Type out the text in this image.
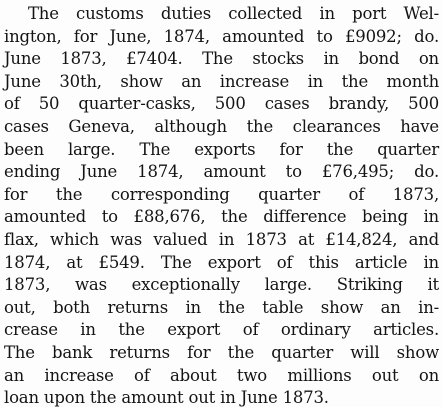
The customs duties collected in port Wel-
ington, for June, 1874, amounted to £9092; do.
June 1873, £7404. The stocks in bond on
June 30th, show an increase in the month
of 50 quarter-casks, 500 cases brandy, 500
cases Geneva, although the clearances have
been large. The exports for the quarter
ending June 1874, amount to £76,495; do.
for the corresponding quarter of 1873,
amounted to £88,676, the difference being in
flax, which was valued in 1873 at £14,824, and
1874, at £549. The export of this article in
1873, was exceptionally large. Striking it
out, both returns in the table show an in-
crease in the export of ordinary articles.
The bank returns for the quarter will show
an increase of about two millions out on
loan upon the amount out in June 1873.
